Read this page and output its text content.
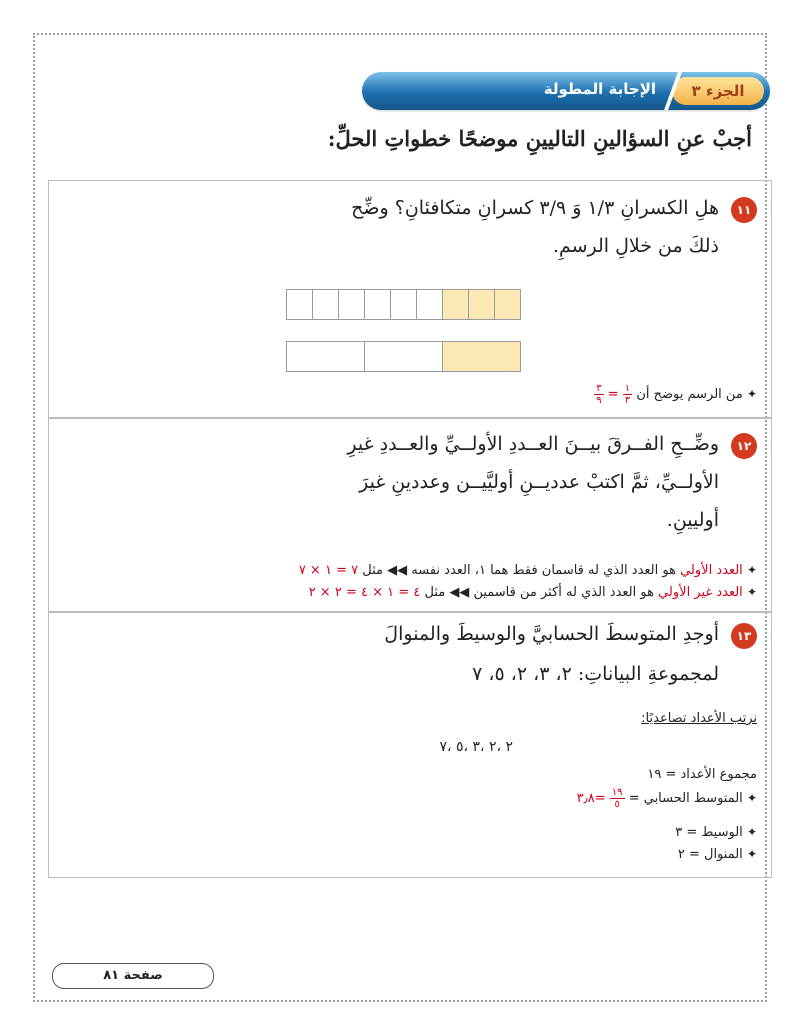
الجزء ٣
الإجابة المطولة
أجبْ عنِ السؤالينِ التاليينِ موضحًا خطواتِ الحلِّ:
١١
هلِ الكسرانِ ١/٣ وَ ٣/٩ كسرانِ متكافئانِ؟ وضِّح
ذلكَ من خلالِ الرسمِ.
✦ من الرسم يوضح أن
$\frac{١}{٣}$
=
$\frac{٣}{٩}$
١٢
وضِّــحِ الفــرقَ بيــنَ العــددِ الأولــيِّ والعــددِ غيرِ
الأولــيِّ، ثمَّ اكتبْ عدديــنِ أوليَّيــن وعددينِ غيرَ
أوليينِ.
✦ العدد الأولي هو العدد الذي له قاسمان فقط هما ١، العدد نفسه ◀◀ مثل ٧ = ١ × ٧
✦ العدد غير الأولي هو العدد الذي له أكثر من قاسمين ◀◀ مثل ٤ = ١ × ٤ = ٢ × ٢
١٣
أوجدِ المتوسطَ الحسابيَّ والوسيطَ والمنوالَ
لمجموعةِ البياناتِ: ٢، ٣، ٢، ٥، ٧
نرتب الأعداد تصاعديًا:
٢ ،٢ ،٣ ،٥ ،٧
مجموع الأعداد = ١٩
✦ المتوسط الحسابي =
$\frac{١٩}{٥}$
=٣٫٨
✦ الوسيط = ٣
✦ المنوال = ٢
صفحة ٨١
